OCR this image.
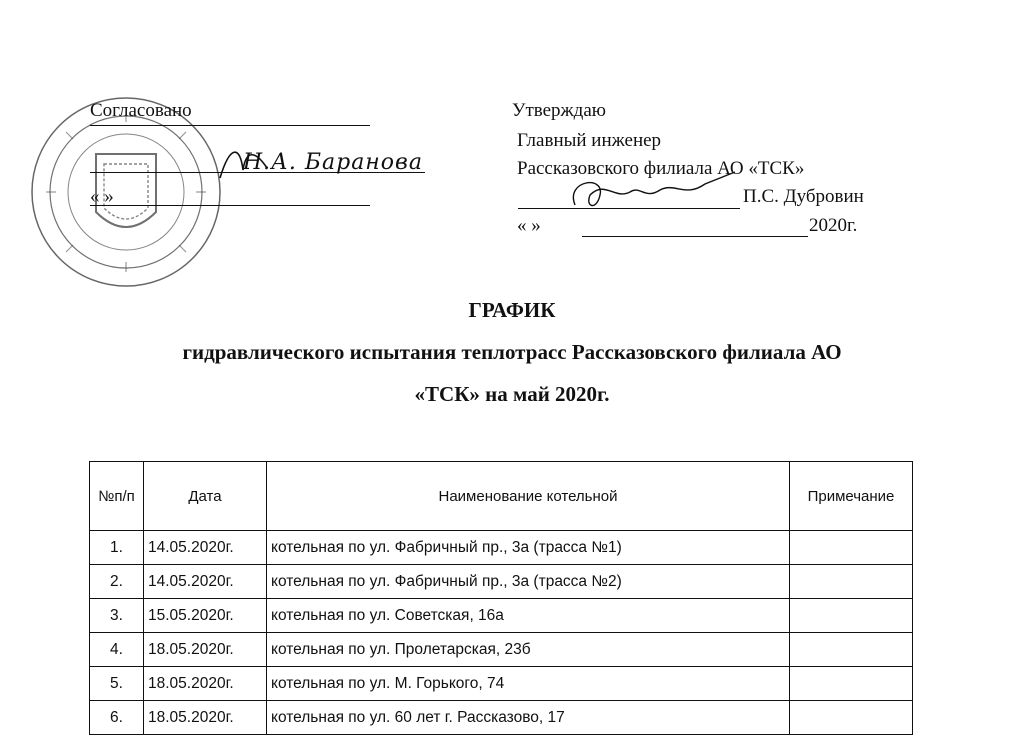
Согласовано
Н.А. Баранова
« »
Утверждаю
Главный инженер
Рассказовского филиала АО «ТСК»
П.С. Дубровин
« »	2020г.
ГРАФИК
гидравлического испытания теплотрасс Рассказовского филиала АО
«ТСК» на май 2020г.
№п/п	Дата	Наименование котельной	Примечание
1.	14.05.2020г.	котельная по ул. Фабричный пр., 3а (трасса №1)	
2.	14.05.2020г.	котельная по ул. Фабричный пр., 3а (трасса №2)	
3.	15.05.2020г.	котельная по ул. Советская, 16а	
4.	18.05.2020г.	котельная по ул. Пролетарская, 23б	
5.	18.05.2020г.	котельная по ул. М. Горького, 74	
6.	18.05.2020г.	котельная по ул. 60 лет г. Рассказово, 17	
